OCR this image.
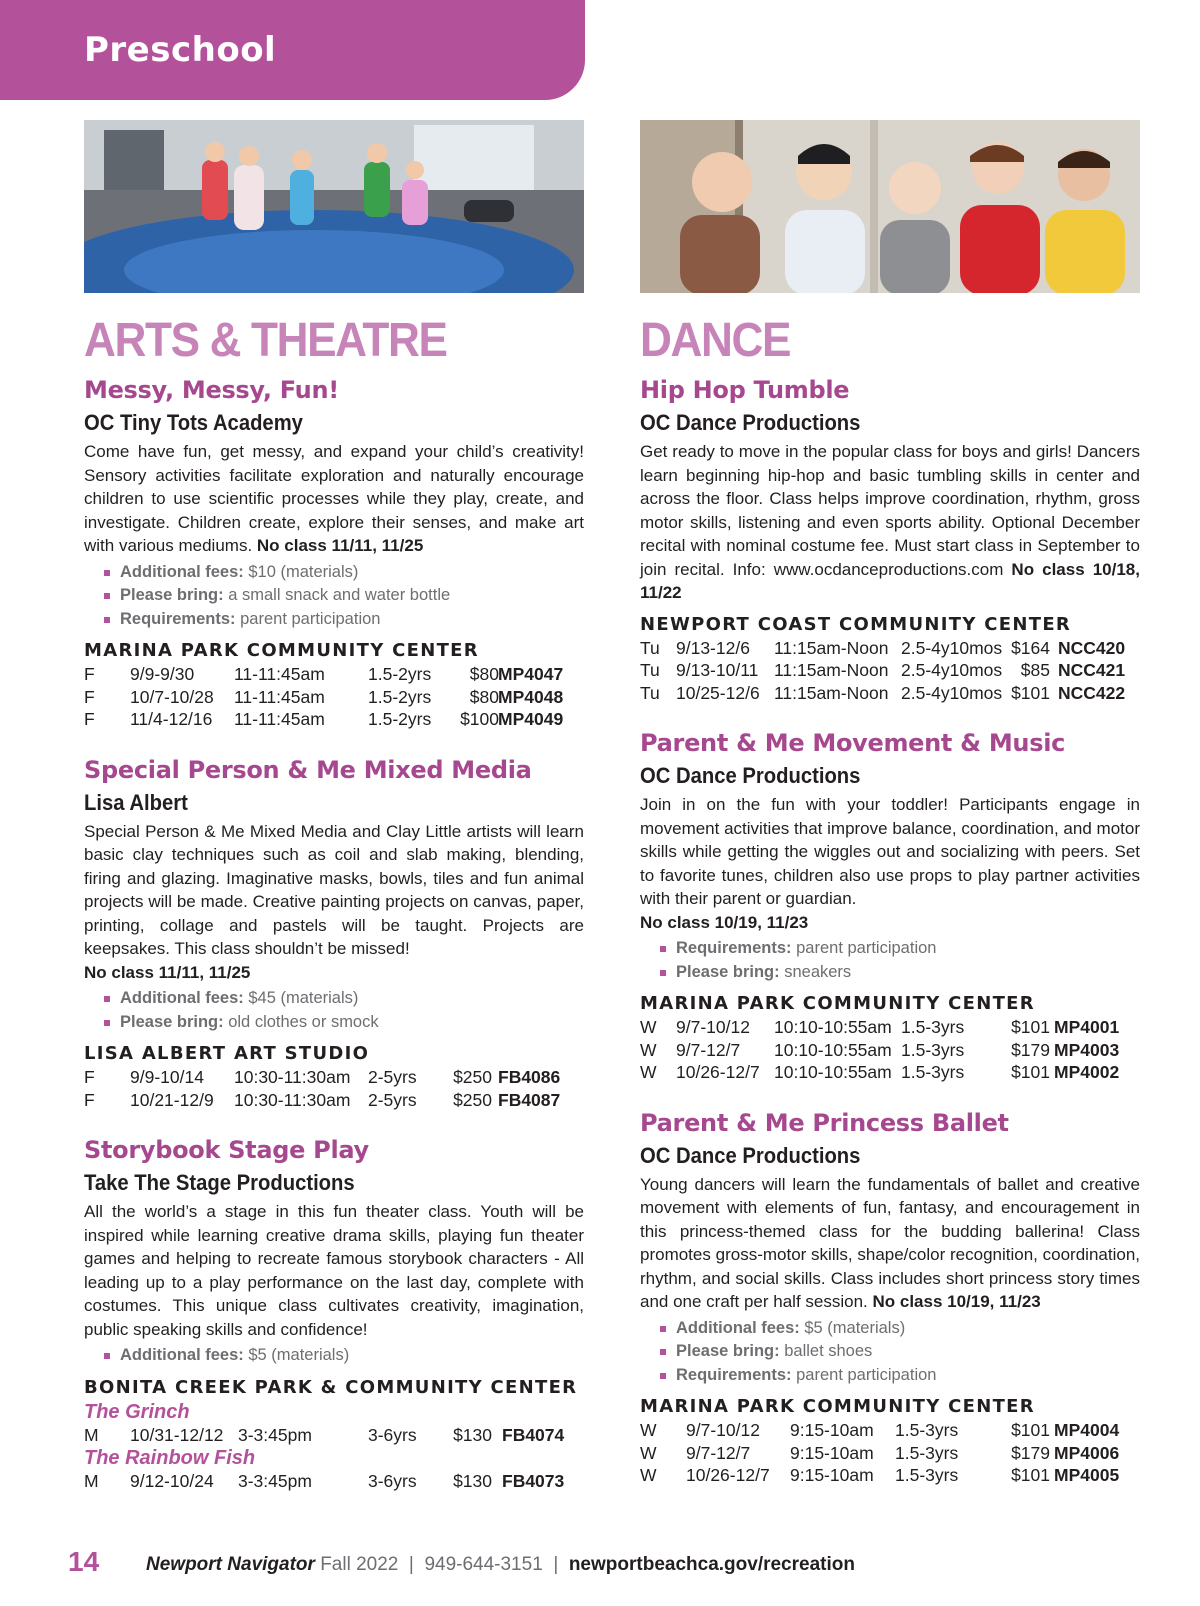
Preschool
ARTS & THEATRE
Messy, Messy, Fun!
OC Tiny Tots Academy
Come have fun, get messy, and expand your child’s creativity! Sensory activities facilitate exploration and naturally encourage children to use scientific processes while they play, create, and investigate. Children create, explore their senses, and make art with various mediums. No class 11/11, 11/25
Additional fees: $10 (materials)
Please bring: a small snack and water bottle
Requirements: parent participation
MARINA PARK COMMUNITY CENTER
F 9/9-9/30 11-11:45am 1.5-2yrs $80 MP4047
F 10/7-10/28 11-11:45am 1.5-2yrs $80 MP4048
F 11/4-12/16 11-11:45am 1.5-2yrs $100 MP4049
Special Person & Me Mixed Media
Lisa Albert
Special Person & Me Mixed Media and Clay Little artists will learn basic clay techniques such as coil and slab making, blending, firing and glazing. Imaginative masks, bowls, tiles and fun animal projects will be made. Creative painting projects on canvas, paper, printing, collage and pastels will be taught. Projects are keepsakes. This class shouldn’t be missed!
No class 11/11, 11/25
Additional fees: $45 (materials)
Please bring: old clothes or smock
LISA ALBERT ART STUDIO
F 9/9-10/14 10:30-11:30am 2-5yrs $250 FB4086
F 10/21-12/9 10:30-11:30am 2-5yrs $250 FB4087
Storybook Stage Play
Take The Stage Productions
All the world’s a stage in this fun theater class. Youth will be inspired while learning creative drama skills, playing fun theater games and helping to recreate famous storybook characters - All leading up to a play performance on the last day, complete with costumes. This unique class cultivates creativity, imagination, public speaking skills and confidence!
Additional fees: $5 (materials)
BONITA CREEK PARK & COMMUNITY CENTER
The Grinch
M 10/31-12/12 3-3:45pm	3-6yrs $130 FB4074
The Rainbow Fish
M 9/12-10/24 3-3:45pm	3-6yrs $130 FB4073
DANCE
Hip Hop Tumble
OC Dance Productions
Get ready to move in the popular class for boys and girls! Dancers learn beginning hip-hop and basic tumbling skills in center and across the floor. Class helps improve coordination, rhythm, gross motor skills, listening and even sports ability. Optional December recital with nominal costume fee. Must start class in September to join recital. Info: www.ocdanceproductions.com No class 10/18, 11/22
NEWPORT COAST COMMUNITY CENTER
Tu 9/13-12/6 11:15am-Noon 2.5-4y10mos $164 NCC420
Tu 9/13-10/11 11:15am-Noon 2.5-4y10mos $85 NCC421
Tu 10/25-12/6 11:15am-Noon 2.5-4y10mos $101 NCC422
Parent & Me Movement & Music
OC Dance Productions
Join in on the fun with your toddler! Participants engage in movement activities that improve balance, coordination, and motor skills while getting the wiggles out and socializing with peers. Set to favorite tunes, children also use props to play partner activities with their parent or guardian.
No class 10/19, 11/23
Requirements: parent participation
Please bring: sneakers
MARINA PARK COMMUNITY CENTER
W 9/7-10/12 10:10-10:55am 1.5-3yrs	$101 MP4001
W 9/7-12/7 10:10-10:55am 1.5-3yrs	$179 MP4003
W 10/26-12/7 10:10-10:55am 1.5-3yrs	$101 MP4002
Parent & Me Princess Ballet
OC Dance Productions
Young dancers will learn the fundamentals of ballet and creative movement with elements of fun, fantasy, and encouragement in this princess-themed class for the budding ballerina! Class promotes gross-motor skills, shape/color recognition, coordination, rhythm, and social skills. Class includes short princess story times and one craft per half session. No class 10/19, 11/23
Additional fees: $5 (materials)
Please bring: ballet shoes
Requirements: parent participation
MARINA PARK COMMUNITY CENTER
W 9/7-10/12 9:15-10am 1.5-3yrs	$101 MP4004
W 9/7-12/7 9:15-10am 1.5-3yrs	$179 MP4006
W 10/26-12/7 9:15-10am 1.5-3yrs	$101 MP4005
14 Newport Navigator Fall 2022  |  949-644-3151  |  newportbeachca.gov/recreation
